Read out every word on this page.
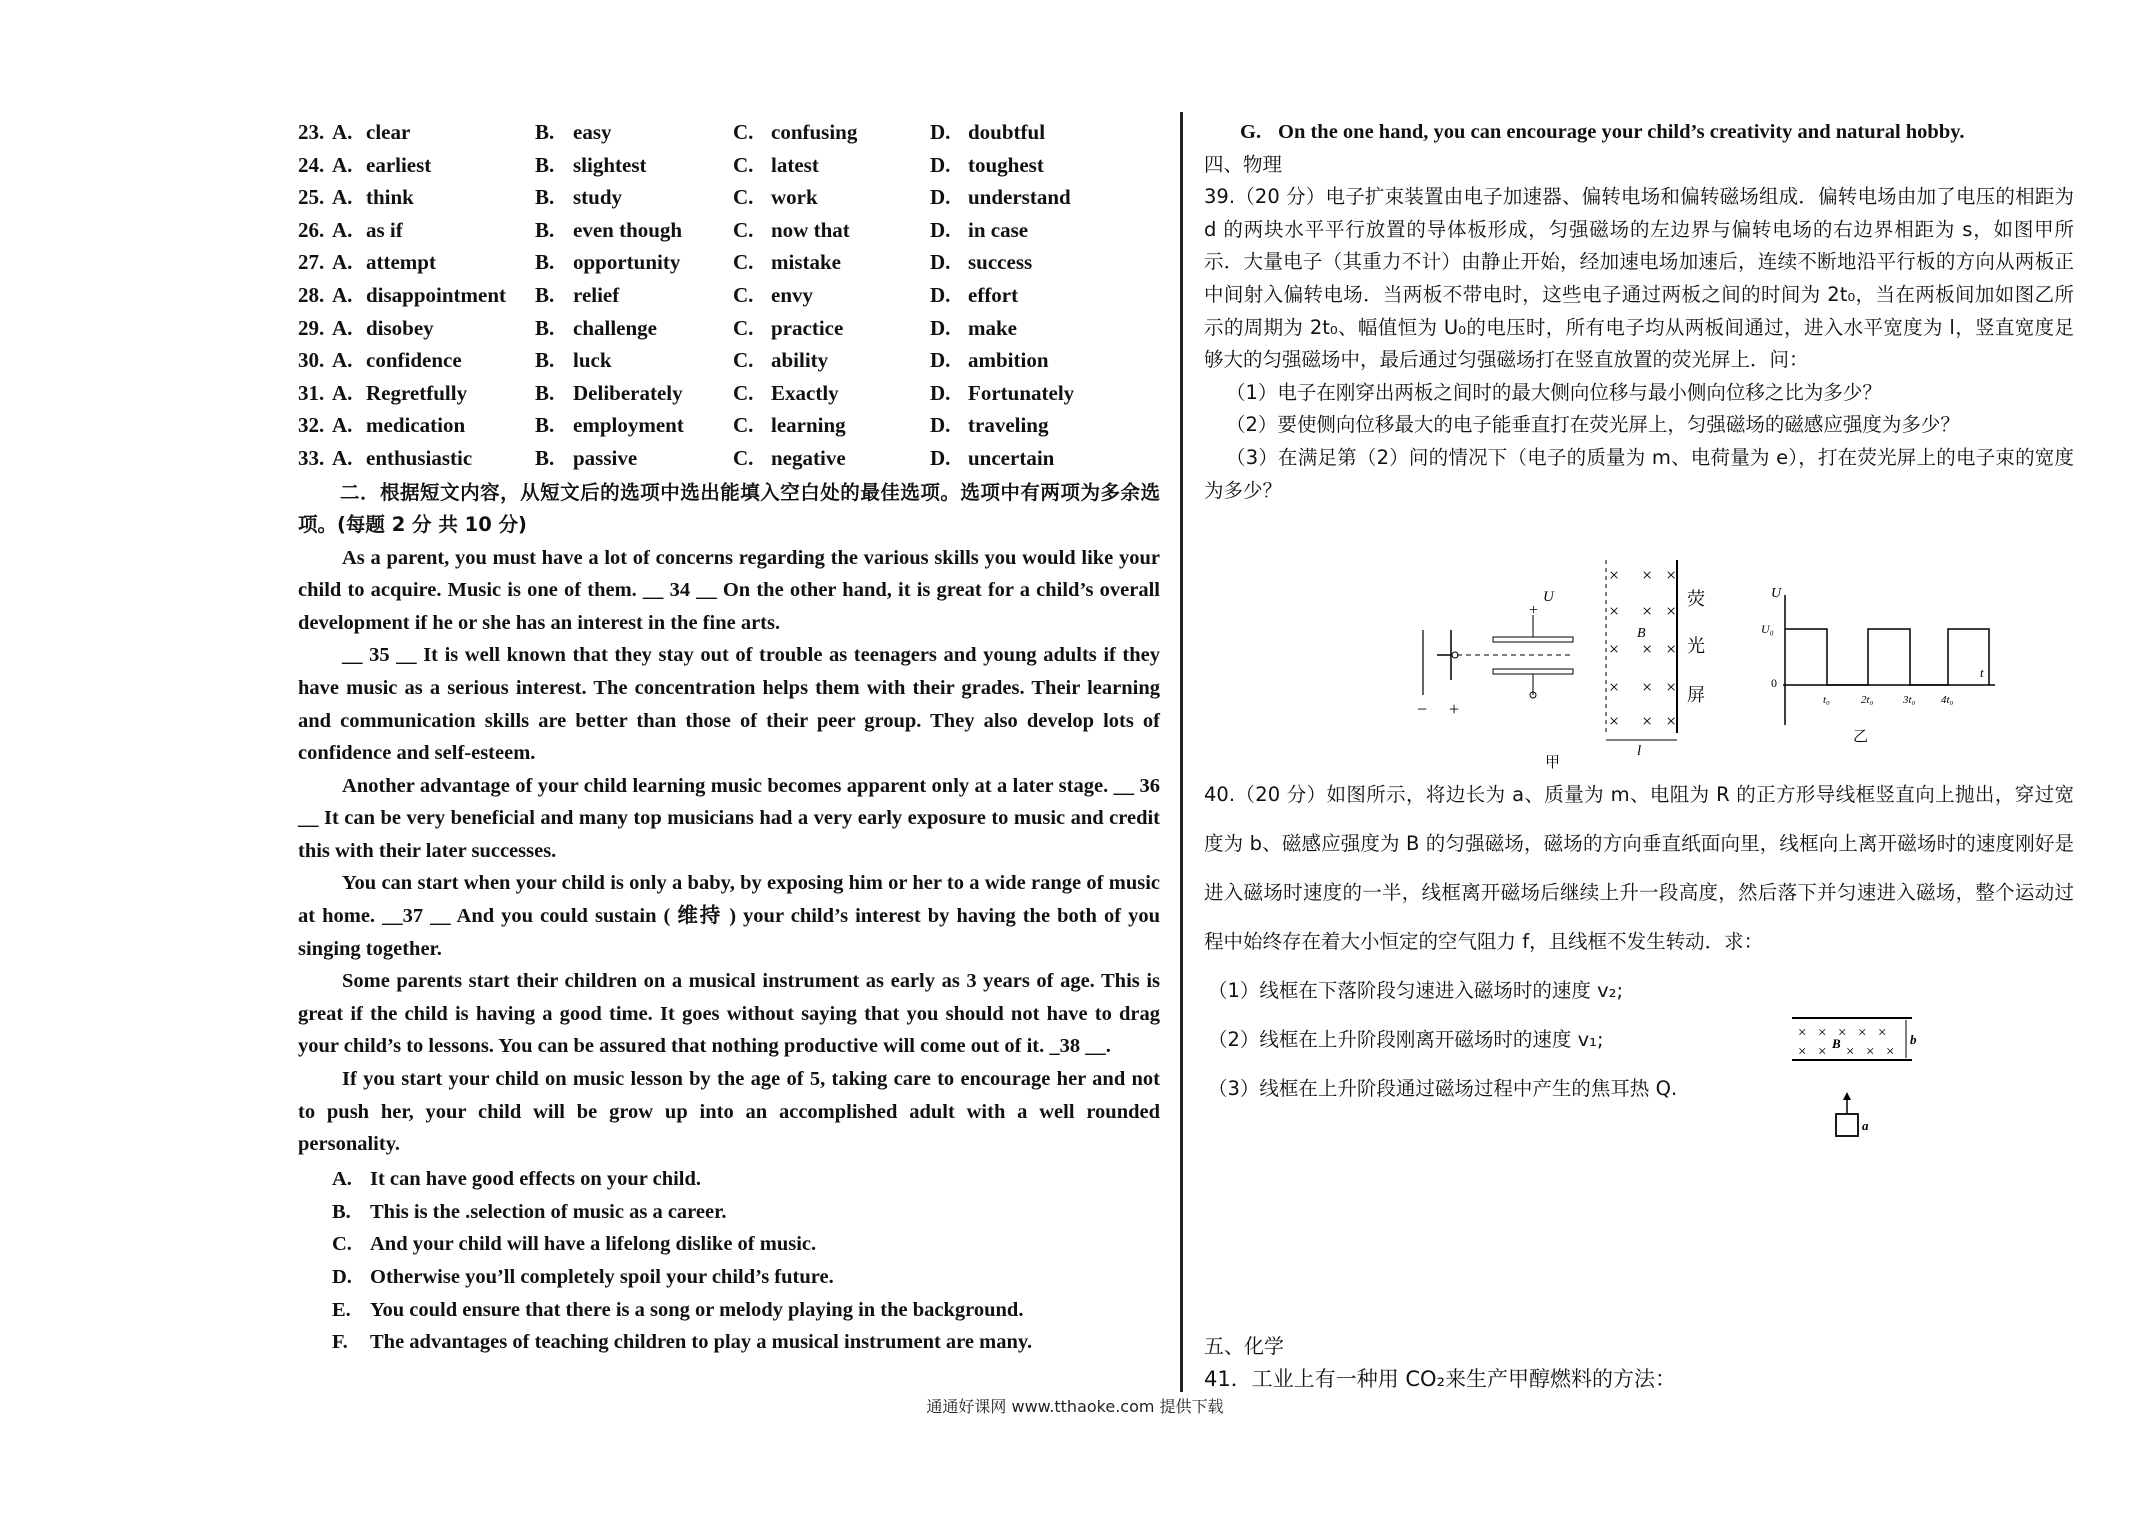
23. A. clear	B. easy	C. confusing	D. doubtful
24. A. earliest	B. slightest	C. latest	D. toughest
25. A. think	B. study	C. work	D. understand
26. A. as if	B. even though C. now that	D. in case
27. A. attempt	B. opportunity	C. mistake	D. success
28. A. disappointment B. relief	C. envy	D. effort
29. A. disobey	B. challenge	C. practice	D. make
30. A. confidence	B. luck	C. ability	D. ambition
31. A. Regretfully	B. Deliberately C. Exactly	D. Fortunately
32. A. medication	B. employment C. learning	D. traveling
33. A. enthusiastic	B. passive	C. negative	D. uncertain
二．根据短文内容，从短文后的选项中选出能填入空白处的最佳选项。选项中有两项为多余选项。(每题 2 分 共 10 分)

As a parent, you must have a lot of concerns regarding the various skills you would like your child to acquire. Music is one of them. __ 34 __ On the other hand, it is great for a child’s overall development if he or she has an interest in the fine arts.

__ 35 __ It is well known that they stay out of trouble as teenagers and young adults if they have music as a serious interest. The concentration helps them with their grades. Their learning and communication skills are better than those of their peer group. They also develop lots of confidence and self-esteem.

Another advantage of your child learning music becomes apparent only at a later stage. __ 36 __ It can be very beneficial and many top musicians had a very early exposure to music and credit this with their later successes.

You can start when your child is only a baby, by exposing him or her to a wide range of music at home. __37 __ And you could sustain ( 维持 ) your child’s interest by having the both of you singing together.

Some parents start their children on a musical instrument as early as 3 years of age. This is great if the child is having a good time. It goes without saying that you should not have to drag your child’s to lessons. You can be assured that nothing productive will come out of it. _38 __.

If you start your child on music lesson by the age of 5, taking care to encourage her and not to push her, your child will be grow up into an accomplished adult with a well rounded personality.

A. It can have good effects on your child.
B. This is the .selection of music as a career.
C. And your child will have a lifelong dislike of music.
D. Otherwise you’ll completely spoil your child’s future.
E. You could ensure that there is a song or melody playing in the background.
F.	The advantages of teaching children to play a musical instrument are many.
G. On the one hand, you can encourage your child’s creativity and natural hobby.

四、物理

39.（20 分）电子扩束装置由电子加速器、偏转电场和偏转磁场组成．偏转电场由加了电压的相距为 d 的两块水平平行放置的导体板形成，匀强磁场的左边界与偏转电场的右边界相距为 s，如图甲所示．大量电子（其重力不计）由静止开始，经加速电场加速后，连续不断地沿平行板的方向从两板正中间射入偏转电场．当两板不带电时，这些电子通过两板之间的时间为 2t₀，当在两板间加如图乙所示的周期为 2t₀、幅值恒为 U₀的电压时，所有电子均从两板间通过，进入水平宽度为 l，竖直宽度足够大的匀强磁场中，最后通过匀强磁场打在竖直放置的荧光屏上．问：

（1）电子在刚穿出两板之间时的最大侧向位移与最小侧向位移之比为多少？

（2）要使侧向位移最大的电子能垂直打在荧光屏上，匀强磁场的磁感应强度为多少？

（3）在满足第（2）问的情况下（电子的质量为 m、电荷量为 e），打在荧光屏上的电子束的宽度为多少？

− +
+
U
× × ×
× × ×
× × ×
× × ×
× × ×
B
l
荧
光
屏
甲
U
U₀
0
t
t₀	2t₀	3t₀ 4t₀
乙

40.（20 分）如图所示，将边长为 a、质量为 m、电阻为 R 的正方形导线框竖直向上抛出，穿过宽度为 b、磁感应强度为 B 的匀强磁场，磁场的方向垂直纸面向里，线框向上离开磁场时的速度刚好是进入磁场时速度的一半，线框离开磁场后继续上升一段高度，然后落下并匀速进入磁场，整个运动过程中始终存在着大小恒定的空气阻力 f，且线框不发生转动．求：

（1）线框在下落阶段匀速进入磁场时的速度 v₂;
（2）线框在上升阶段刚离开磁场时的速度 v₁;
（3）线框在上升阶段通过磁场过程中产生的焦耳热 Q.
× × × × ×
× × × × ×
B	b
a
五、化学
41．工业上有一种用 CO₂来生产甲醇燃料的方法：
通通好课网 www.tthaoke.com 提供下载
